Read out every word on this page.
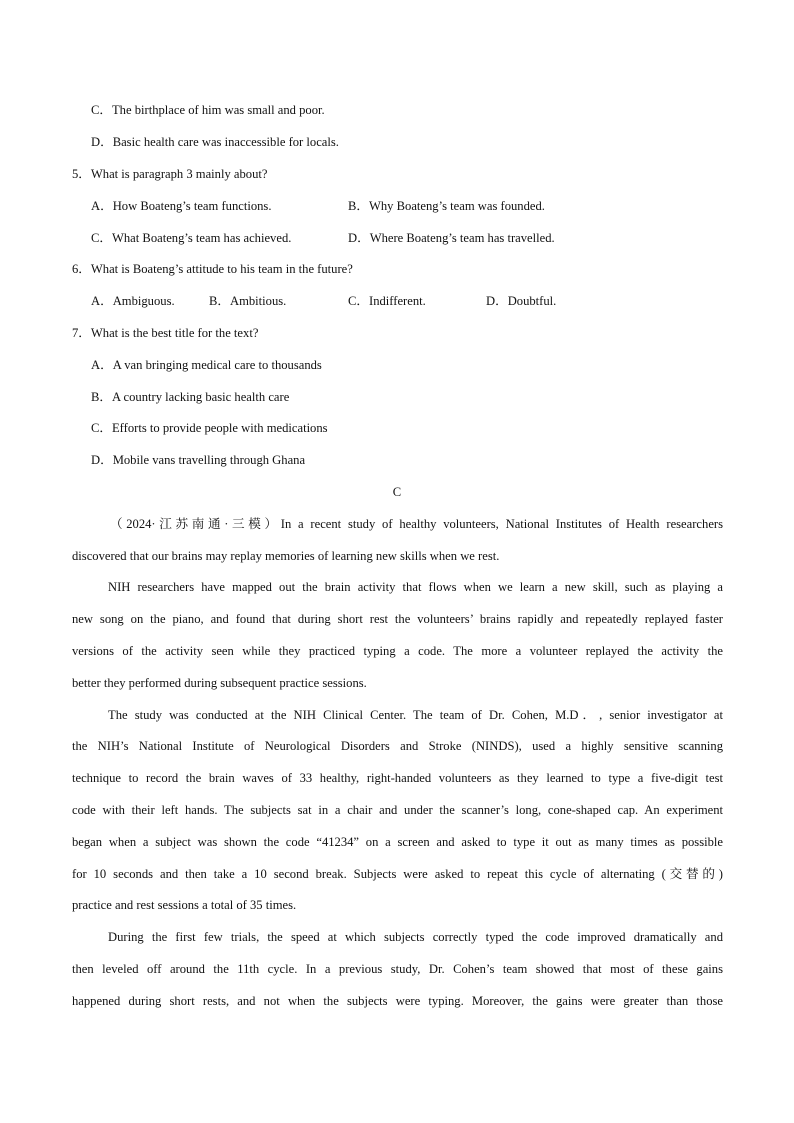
C．The birthplace of him was small and poor.
D．Basic health care was inaccessible for locals.
5．What is paragraph 3 mainly about?
A．How Boateng’s team functions.	B．Why Boateng’s team was founded.
C．What Boateng’s team has achieved.	D．Where Boateng’s team has travelled.
6．What is Boateng’s attitude to his team in the future?
A．Ambiguous.	B．Ambitious.	C．Indifferent.	D．Doubtful.
7．What is the best title for the text?
A．A van bringing medical care to thousands
B．A country lacking basic health care
C．Efforts to provide people with medications
D．Mobile vans travelling through Ghana
C
（2024·江苏南通·三模）In a recent study of healthy volunteers, National Institutes of Health researchers
discovered that our brains may replay memories of learning new skills when we rest.
NIH researchers have mapped out the brain activity that flows when we learn a new skill, such as playing a
new song on the piano, and found that during short rest the volunteers’ brains rapidly and repeatedly replayed faster
versions of the activity seen while they practiced typing a code. The more a volunteer replayed the activity the
better they performed during subsequent practice sessions.
The study was conducted at the NIH Clinical Center. The team of Dr. Cohen, M.D．, senior investigator at
the NIH’s National Institute of Neurological Disorders and Stroke (NINDS), used a highly sensitive scanning
technique to record the brain waves of 33 healthy, right-handed volunteers as they learned to type a five-digit test
code with their left hands. The subjects sat in a chair and under the scanner’s long, cone-shaped cap. An experiment
began when a subject was shown the code “41234” on a screen and asked to type it out as many times as possible
for 10 seconds and then take a 10 second break. Subjects were asked to repeat this cycle of alternating (交替的)
practice and rest sessions a total of 35 times.
During the first few trials, the speed at which subjects correctly typed the code improved dramatically and
then leveled off around the 11th cycle. In a previous study, Dr. Cohen’s team showed that most of these gains
happened during short rests, and not when the subjects were typing. Moreover, the gains were greater than those
